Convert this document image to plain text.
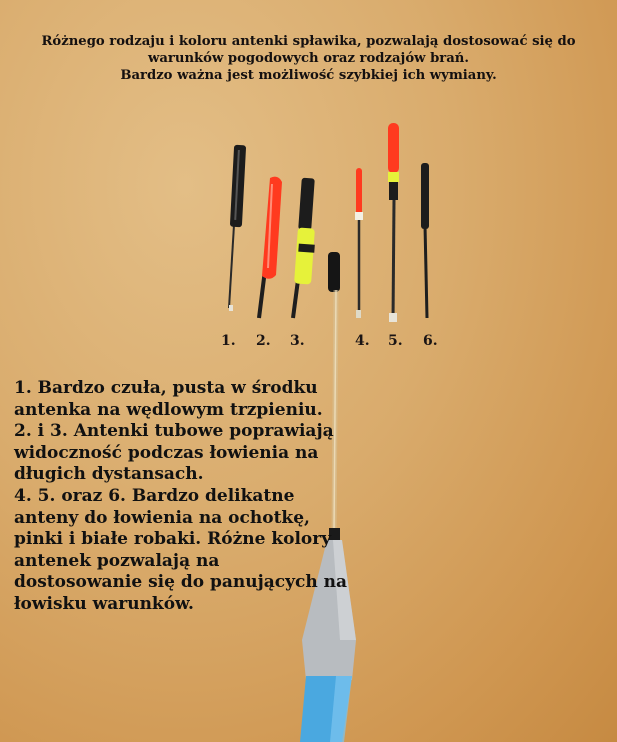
Różnego rodzaju i koloru antenki spławika, pozwalają dostosować się do
warunków pogodowych oraz rodzajów brań.
Bardzo ważna jest możliwość szybkiej ich wymiany.
1. 2. 3.	4. 5. 6.
1. Bardzo czuła, pusta w środku
antenka na wędlowym trzpieniu.
2. i 3. Antenki tubowe poprawiają
widoczność podczas łowienia na
długich dystansach.
4. 5. oraz 6. Bardzo delikatne
anteny do łowienia na ochotkę,
pinki i białe robaki. Różne kolory
antenek pozwalają na
dostosowanie się do panujących na
łowisku warunków.
